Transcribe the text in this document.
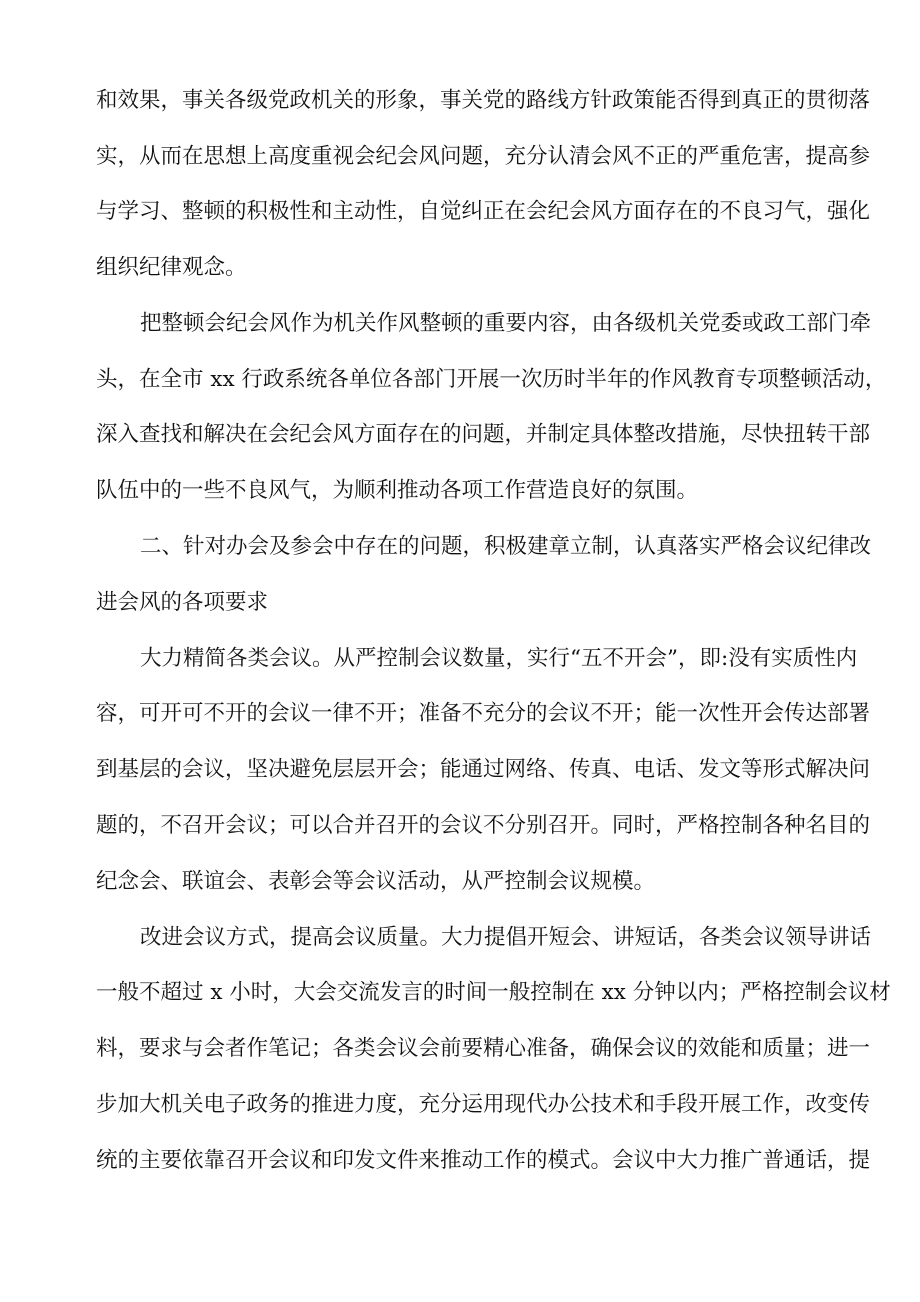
和效果，事关各级党政机关的形象，事关党的路线方针政策能否得到真正的贯彻落

实，从而在思想上高度重视会纪会风问题，充分认清会风不正的严重危害，提高参

与学习、整顿的积极性和主动性，自觉纠正在会纪会风方面存在的不良习气，强化

组织纪律观念。

把整顿会纪会风作为机关作风整顿的重要内容，由各级机关党委或政工部门牵

头，在全市 xx 行政系统各单位各部门开展一次历时半年的作风教育专项整顿活动，

深入查找和解决在会纪会风方面存在的问题，并制定具体整改措施，尽快扭转干部

队伍中的一些不良风气，为顺利推动各项工作营造良好的氛围。

二、针对办会及参会中存在的问题，积极建章立制，认真落实严格会议纪律改

进会风的各项要求

大力精简各类会议。从严控制会议数量，实行“五不开会”，即:没有实质性内

容，可开可不开的会议一律不开；准备不充分的会议不开；能一次性开会传达部署

到基层的会议，坚决避免层层开会；能通过网络、传真、电话、发文等形式解决问

题的，不召开会议；可以合并召开的会议不分别召开。同时，严格控制各种名目的

纪念会、联谊会、表彰会等会议活动，从严控制会议规模。

改进会议方式，提高会议质量。大力提倡开短会、讲短话，各类会议领导讲话

一般不超过 x 小时，大会交流发言的时间一般控制在 xx 分钟以内；严格控制会议材

料，要求与会者作笔记；各类会议会前要精心准备，确保会议的效能和质量；进一

步加大机关电子政务的推进力度，充分运用现代办公技术和手段开展工作，改变传

统的主要依靠召开会议和印发文件来推动工作的模式。会议中大力推广普通话，提
